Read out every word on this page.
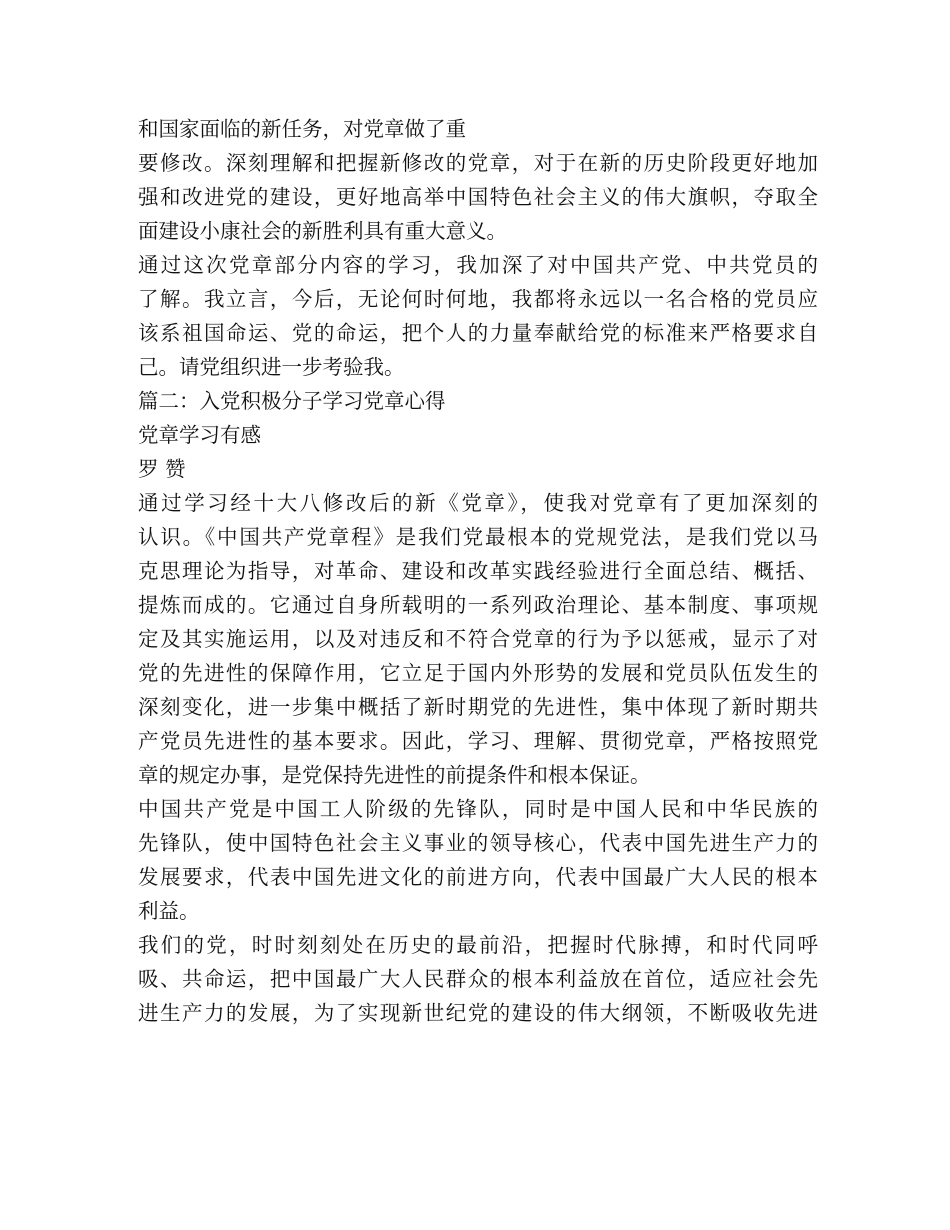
和国家面临的新任务，对党章做了重
要修改。深刻理解和把握新修改的党章，对于在新的历史阶段更好地加
强和改进党的建设，更好地高举中国特色社会主义的伟大旗帜，夺取全
面建设小康社会的新胜利具有重大意义。
通过这次党章部分内容的学习，我加深了对中国共产党、中共党员的
了解。我立言，今后，无论何时何地，我都将永远以一名合格的党员应
该系祖国命运、党的命运，把个人的力量奉献给党的标准来严格要求自
己。请党组织进一步考验我。
篇二：入党积极分子学习党章心得
党章学习有感
罗 赞
通过学习经十大八修改后的新《党章》，使我对党章有了更加深刻的
认识。《中国共产党章程》是我们党最根本的党规党法，是我们党以马
克思理论为指导，对革命、建设和改革实践经验进行全面总结、概括、
提炼而成的。它通过自身所载明的一系列政治理论、基本制度、事项规
定及其实施运用，以及对违反和不符合党章的行为予以惩戒，显示了对
党的先进性的保障作用，它立足于国内外形势的发展和党员队伍发生的
深刻变化，进一步集中概括了新时期党的先进性，集中体现了新时期共
产党员先进性的基本要求。因此，学习、理解、贯彻党章，严格按照党
章的规定办事，是党保持先进性的前提条件和根本保证。
中国共产党是中国工人阶级的先锋队，同时是中国人民和中华民族的
先锋队，使中国特色社会主义事业的领导核心，代表中国先进生产力的
发展要求，代表中国先进文化的前进方向，代表中国最广大人民的根本
利益。
我们的党，时时刻刻处在历史的最前沿，把握时代脉搏，和时代同呼
吸、共命运，把中国最广大人民群众的根本利益放在首位，适应社会先
进生产力的发展，为了实现新世纪党的建设的伟大纲领，不断吸收先进
